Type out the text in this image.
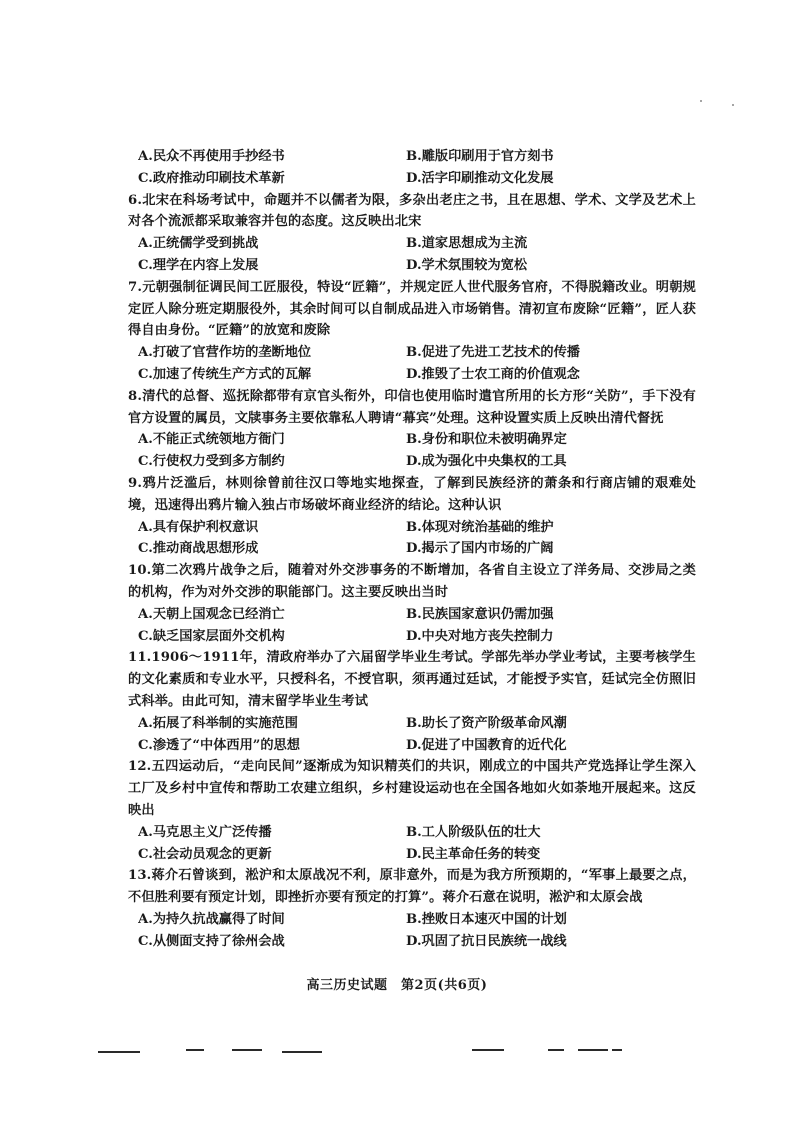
A.民众不再使用手抄经书	B.雕版印刷用于官方刻书
C.政府推动印刷技术革新	D.活字印刷推动文化发展
6.北宋在科场考试中，命题并不以儒者为限，多杂出老庄之书，且在思想、学术、文学及艺术上对各个流派都采取兼容并包的态度。这反映出北宋
A.正统儒学受到挑战	B.道家思想成为主流
C.理学在内容上发展	D.学术氛围较为宽松
7.元朝强制征调民间工匠服役，特设“匠籍”，并规定匠人世代服务官府，不得脱籍改业。明朝规定匠人除分班定期服役外，其余时间可以自制成品进入市场销售。清初宣布废除“匠籍”，匠人获得自由身份。“匠籍”的放宽和废除
A.打破了官营作坊的垄断地位	B.促进了先进工艺技术的传播
C.加速了传统生产方式的瓦解	D.推毁了士农工商的价值观念
8.清代的总督、巡抚除都带有京官头衔外，印信也使用临时遣官所用的长方形“关防”，手下没有官方设置的属员，文牍事务主要依靠私人聘请“幕宾”处理。这种设置实质上反映出清代督抚
A.不能正式统领地方衙门	B.身份和职位未被明确界定
C.行使权力受到多方制约	D.成为强化中央集权的工具
9.鸦片泛滥后，林则徐曾前往汉口等地实地探查，了解到民族经济的萧条和行商店铺的艰难处境，迅速得出鸦片输入独占市场破坏商业经济的结论。这种认识
A.具有保护利权意识	B.体现对统治基础的维护
C.推动商战思想形成	D.揭示了国内市场的广阔
10.第二次鸦片战争之后，随着对外交涉事务的不断增加，各省自主设立了洋务局、交涉局之类的机构，作为对外交涉的职能部门。这主要反映出当时
A.天朝上国观念已经消亡	B.民族国家意识仍需加强
C.缺乏国家层面外交机构	D.中央对地方丧失控制力
11.1906～1911年，清政府举办了六届留学毕业生考试。学部先举办学业考试，主要考核学生的文化素质和专业水平，只授科名，不授官职，须再通过廷试，才能授予实官，廷试完全仿照旧式科举。由此可知，清末留学毕业生考试
A.拓展了科举制的实施范围	B.助长了资产阶级革命风潮
C.渗透了“中体西用”的思想	D.促进了中国教育的近代化
12.五四运动后，“走向民间”逐渐成为知识精英们的共识，刚成立的中国共产党选择让学生深入工厂及乡村中宣传和帮助工农建立组织，乡村建设运动也在全国各地如火如荼地开展起来。这反映出
A.马克思主义广泛传播	B.工人阶级队伍的壮大
C.社会动员观念的更新	D.民主革命任务的转变
13.蒋介石曾谈到，淞沪和太原战况不利，原非意外，而是为我方所预期的，“军事上最要之点，不但胜利要有预定计划，即挫折亦要有预定的打算”。蒋介石意在说明，淞沪和太原会战
A.为持久抗战赢得了时间	B.挫败日本速灭中国的计划
C.从侧面支持了徐州会战	D.巩固了抗日民族统一战线
高三历史试题　第2页(共6页)
